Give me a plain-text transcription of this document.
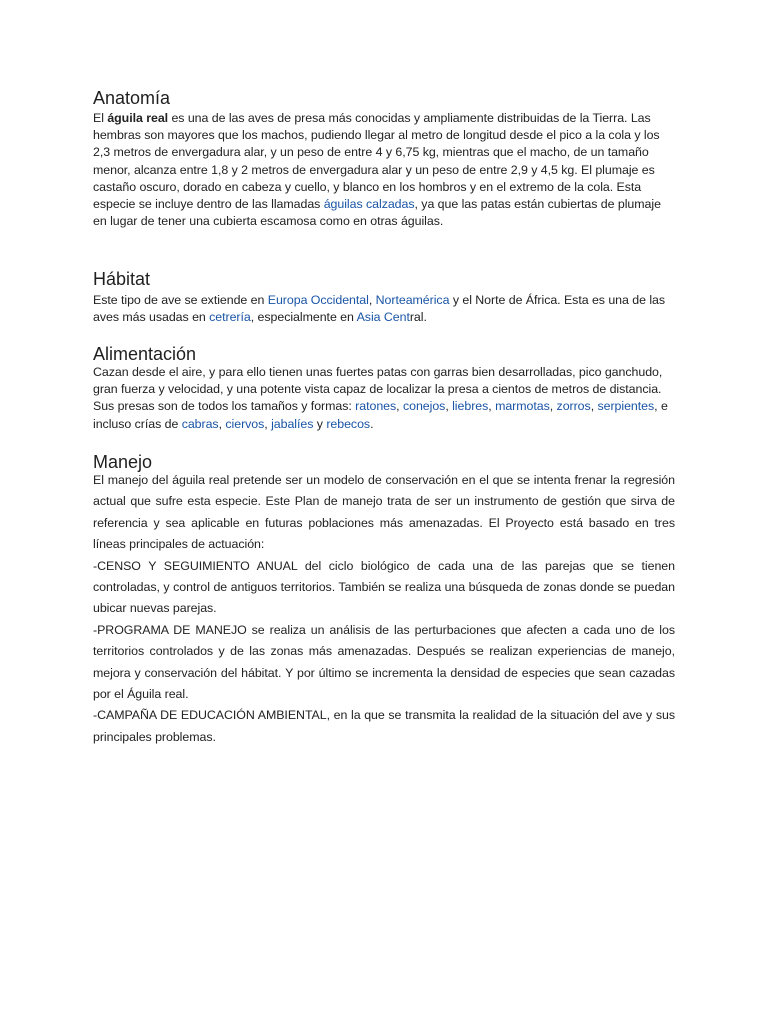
Anatomía

El águila real es una de las aves de presa más conocidas y ampliamente distribuidas de la Tierra. Las hembras son mayores que los machos, pudiendo llegar al metro de longitud desde el pico a la cola y los 2,3 metros de envergadura alar, y un peso de entre 4 y 6,75 kg, mientras que el macho, de un tamaño menor, alcanza entre 1,8 y 2 metros de envergadura alar y un peso de entre 2,9 y 4,5 kg. El plumaje es castaño oscuro, dorado en cabeza y cuello, y blanco en los hombros y en el extremo de la cola. Esta especie se incluye dentro de las llamadas águilas calzadas, ya que las patas están cubiertas de plumaje en lugar de tener una cubierta escamosa como en otras águilas.

Hábitat

Este tipo de ave se extiende en Europa Occidental, Norteamérica y el Norte de África. Esta es una de las aves más usadas en cetrería, especialmente en Asia Central.

Alimentación

Cazan desde el aire, y para ello tienen unas fuertes patas con garras bien desarrolladas, pico ganchudo, gran fuerza y velocidad, y una potente vista capaz de localizar la presa a cientos de metros de distancia. Sus presas son de todos los tamaños y formas: ratones, conejos, liebres, marmotas, zorros, serpientes, e incluso crías de cabras, ciervos, jabalíes y rebecos.

Manejo
El manejo del águila real pretende ser un modelo de conservación en el que se intenta frenar la regresión actual que sufre esta especie. Este Plan de manejo trata de ser un instrumento de gestión que sirva de referencia y sea aplicable en futuras poblaciones más amenazadas. El Proyecto está basado en tres líneas principales de actuación:
-CENSO Y SEGUIMIENTO ANUAL del ciclo biológico de cada una de las parejas que se tienen controladas, y control de antiguos territorios. También se realiza una búsqueda de zonas donde se puedan ubicar nuevas parejas.
-PROGRAMA DE MANEJO se realiza un análisis de las perturbaciones que afecten a cada uno de los territorios controlados y de las zonas más amenazadas. Después se realizan experiencias de manejo, mejora y conservación del hábitat. Y por último se incrementa la densidad de especies que sean cazadas por el Águila real.
-CAMPAÑA DE EDUCACIÓN AMBIENTAL, en la que se transmita la realidad de la situación del ave y sus principales problemas.
